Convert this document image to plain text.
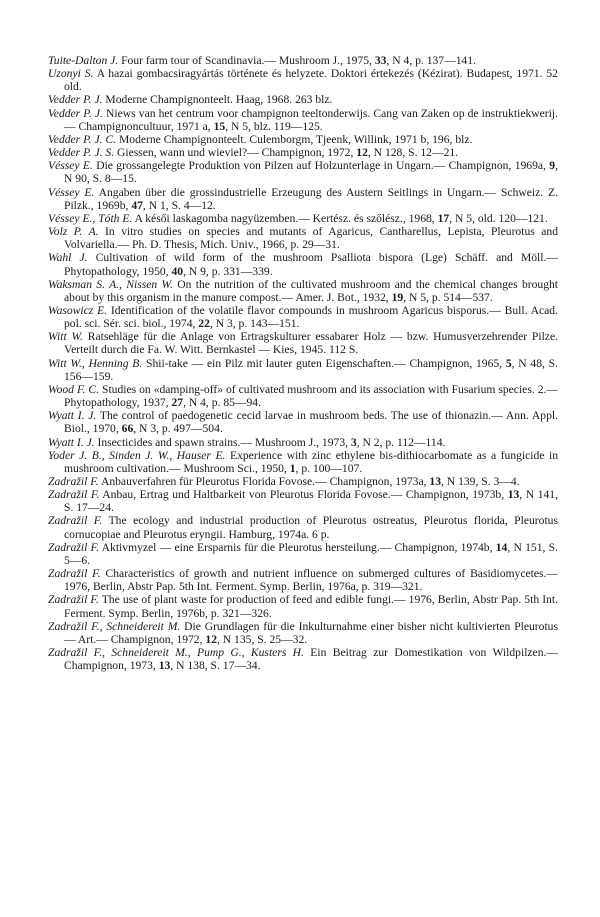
Tuite-Dalton J. Four farm tour of Scandinavia.— Mushroom J., 1975, 33, N 4, p. 137—141.

Uzonyi S. A hazai gombacsiragyártás története és helyzete. Doktori értekezés (Kézirat). Budapest, 1971. 52 old.

Vedder P. J. Moderne Champignonteelt. Haag, 1968. 263 blz.

Vedder P. J. Niews van het centrum voor champignon teeltonderwijs. Cang van Zaken op de instruktiekwerij.— Champignoncultuur, 1971 a, 15, N 5, blz. 119—125.

Vedder P. J. C. Moderne Champignonteelt. Culemborgm, Tjeenk, Willink, 1971 b, 196, blz.

Vedder P. J. S. Giessen, wann und wieviel?— Champignon, 1972, 12, N 128, S. 12—21.

Véssey E. Die grossangelegte Produktion von Pilzen auf Holzunterlage in Ungarn.— Champignon, 1969a, 9, N 90, S. 8—15.

Véssey E. Angaben über die grossindustrielle Erzeugung des Austern Seitlings in Ungarn.— Schweiz. Z. Pilzk., 1969b, 47, N 1, S. 4—12.

Véssey E., Tóth E. A késői laskagomba nagyüzemben.— Kertész. és szőlész., 1968, 17, N 5, old. 120—121.

Volz P. A. In vitro studies on species and mutants of Agaricus, Cantharellus, Lepista, Pleurotus and Volvariella.— Ph. D. Thesis, Mich. Univ., 1966, p. 29—31.

Wahl J. Cultivation of wild form of the mushroom Psalliota bispora (Lge) Schäff. and Möll.— Phytopathology, 1950, 40, N 9, p. 331—339.

Waksman S. A., Nissen W. On the nutrition of the cultivated mushroom and the chemical changes brought about by this organism in the manure compost.— Amer. J. Bot., 1932, 19, N 5, p. 514—537.

Wasowicz E. Identification of the volatile flavor compounds in mushroom Agaricus bisporus.— Bull. Acad. pol. sci. Sér. sci. biol., 1974, 22, N 3, p. 143—151.

Witt W. Ratsehläge für die Anlage von Ertragskulturer essabarer Holz — bzw. Humusverzehrender Pilze. Verteilt durch die Fa. W. Witt. Bernkastel — Kies, 1945. 112 S.

Witt W., Henning B. Shii-take — ein Pilz mit lauter guten Eigenschaften.— Champignon, 1965, 5, N 48, S. 156—159.

Wood F. C. Studies on «damping-off» of cultivated mushroom and its association with Fusarium species. 2.— Phytopathology, 1937, 27, N 4, p. 85—94.

Wyatt I. J. The control of paedogenetic cecid larvae in mushroom beds. The use of thionazin.— Ann. Appl. Biol., 1970, 66, N 3, p. 497—504.

Wyatt I. J. Insecticides and spawn strains.— Mushroom J., 1973, 3, N 2, p. 112—114.

Yoder J. B., Sinden J. W., Hauser E. Experience with zinc ethylene bis-dithiocarbomate as a fungicide in mushroom cultivation.— Mushroom Sci., 1950, 1, p. 100—107.

Zadražil F. Anbauverfahren für Pleurotus Florida Fovose.— Champignon, 1973a, 13, N 139, S. 3—4.

Zadražil F. Anbau, Ertrag und Haltbarkeit von Pleurotus Florida Fovose.— Champignon, 1973b, 13, N 141, S. 17—24.

Zadražil F. The ecology and industrial production of Pleurotus ostreatus, Pleurotus florida, Pleurotus cornucopiae and Pleurotus eryngii. Hamburg, 1974a. 6 p.

Zadražil F. Aktivmyzel — eine Ersparnis für die Pleurotus hersteilung.— Champignon, 1974b, 14, N 151, S. 5—6.

Zadražil F. Characteristics of growth and nutrient influence on submerged cultures of Basidiomycetes.— 1976, Berlin, Abstr Pap. 5th Int. Ferment. Symp. Berlin, 1976a, p. 319—321.

Zadražil F. The use of plant waste for production of feed and edible fungi.— 1976, Berlin, Abstr Pap. 5th Int. Ferment. Symp. Berlin, 1976b, p. 321—326.

Zadražil F., Schneidereit M. Die Grundlagen für die Inkulturnahme einer bisher nicht kultivierten Pleurotus — Art.— Champignon, 1972, 12, N 135, S. 25—32.

Zadražil F., Schneidereit M., Pump G., Kusters H. Ein Beitrag zur Domestikation von Wildpilzen.— Champignon, 1973, 13, N 138, S. 17—34.
